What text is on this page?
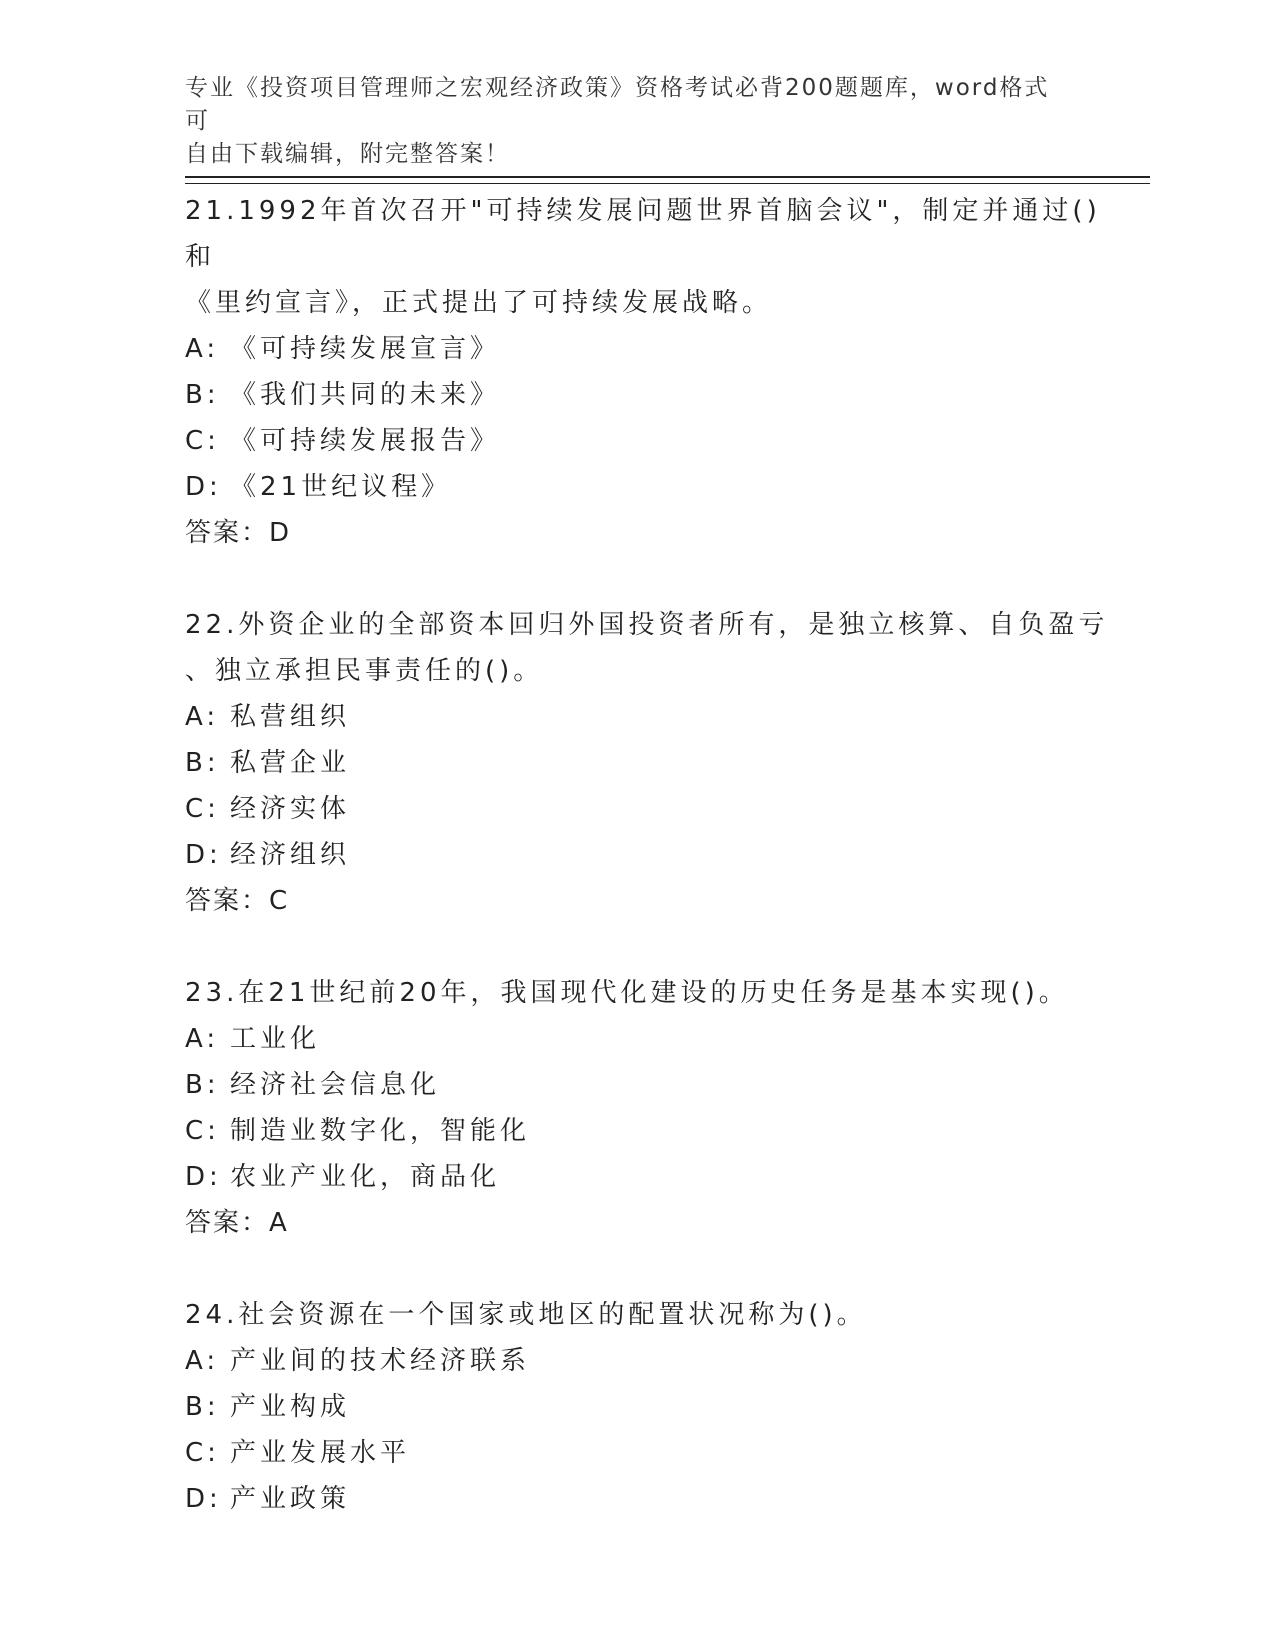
专业《投资项目管理师之宏观经济政策》资格考试必背200题题库，word格式可
自由下载编辑，附完整答案！
21.1992年首次召开"可持续发展问题世界首脑会议"，制定并通过()和
《里约宣言》，正式提出了可持续发展战略。
A: 《可持续发展宣言》
B: 《我们共同的未来》
C: 《可持续发展报告》
D: 《21世纪议程》
答案：D
22.外资企业的全部资本回归外国投资者所有，是独立核算、自负盈亏
、独立承担民事责任的()。
A: 私营组织
B: 私营企业
C: 经济实体
D: 经济组织
答案：C
23.在21世纪前20年，我国现代化建设的历史任务是基本实现()。
A: 工业化
B: 经济社会信息化
C: 制造业数字化，智能化
D: 农业产业化，商品化
答案：A
24.社会资源在一个国家或地区的配置状况称为()。
A: 产业间的技术经济联系
B: 产业构成
C: 产业发展水平
D: 产业政策
